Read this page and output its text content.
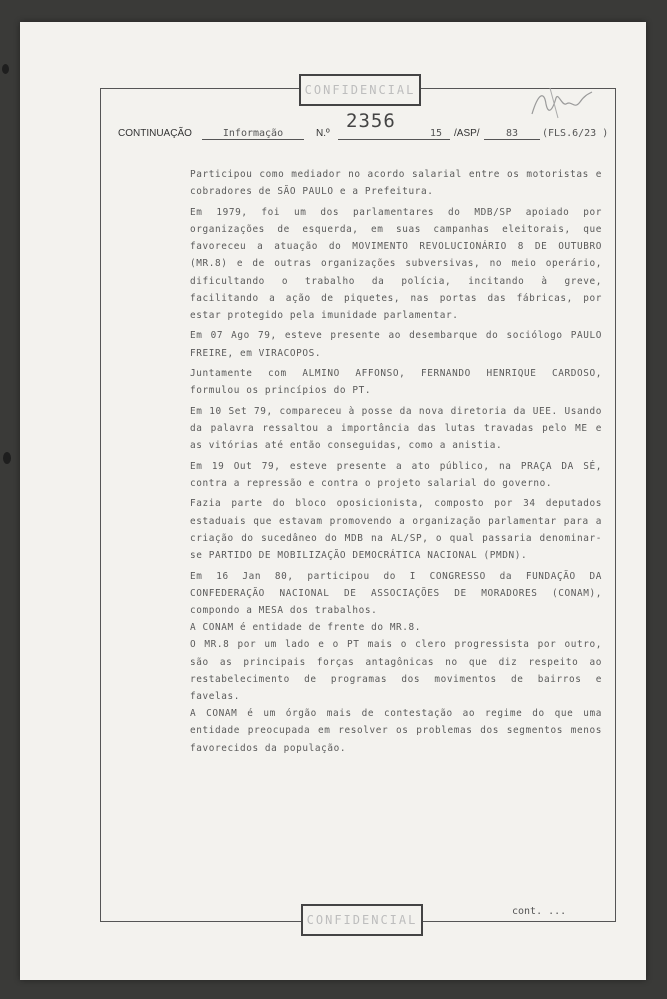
CONFIDENCIAL
2356
CONTINUAÇÃO	Informação	N.º	15	/ASP/	83	(FLS.6/23 )

Participou como mediador no acordo salarial entre os motoristas e cobradores de SÃO PAULO e a Prefeitura.

Em 1979, foi um dos parlamentares do MDB/SP apoiado por organizações de esquerda, em suas campanhas eleitorais, que favoreceu a atuação do MOVIMENTO REVOLUCIONÁRIO 8 DE OUTUBRO (MR.8) e de outras organizações subversivas, no meio operário, dificultando o trabalho da polícia, incitando à greve, facilitando a ação de piquetes, nas portas das fábricas, por estar protegido pela imunidade parlamentar.

Em 07 Ago 79, esteve presente ao desembarque do sociólogo PAULO FREIRE, em VIRACOPOS.

Juntamente com ALMINO AFFONSO, FERNANDO HENRIQUE CARDOSO, formulou os princípios do PT.

Em 10 Set 79, compareceu à posse da nova diretoria da UEE. Usando da palavra ressaltou a importância das lutas travadas pelo ME e as vitórias até então conseguidas, como a anistia.

Em 19 Out 79, esteve presente a ato público, na PRAÇA DA SÉ, contra a repressão e contra o projeto salarial do governo.

Fazia parte do bloco oposicionista, composto por 34 deputados estaduais que estavam promovendo a organização parlamentar para a criação do sucedâneo do MDB na AL/SP, o qual passaria denominar-se PARTIDO DE MOBILIZAÇÃO DEMOCRÁTICA NACIONAL (PMDN).

Em 16 Jan 80, participou do I CONGRESSO da FUNDAÇÃO DA CONFEDERAÇÃO NACIONAL DE ASSOCIAÇÕES DE MORADORES (CONAM), compondo a MESA dos trabalhos.

A CONAM é entidade de frente do MR.8.

O MR.8 por um lado e o PT mais o clero progressista por outro, são as principais forças antagônicas no que diz respeito ao restabelecimento de programas dos movimentos de bairros e favelas.

A CONAM é um órgão mais de contestação ao regime do que uma entidade preocupada em resolver os problemas dos segmentos menos favorecidos da população.

cont. ...
CONFIDENCIAL
